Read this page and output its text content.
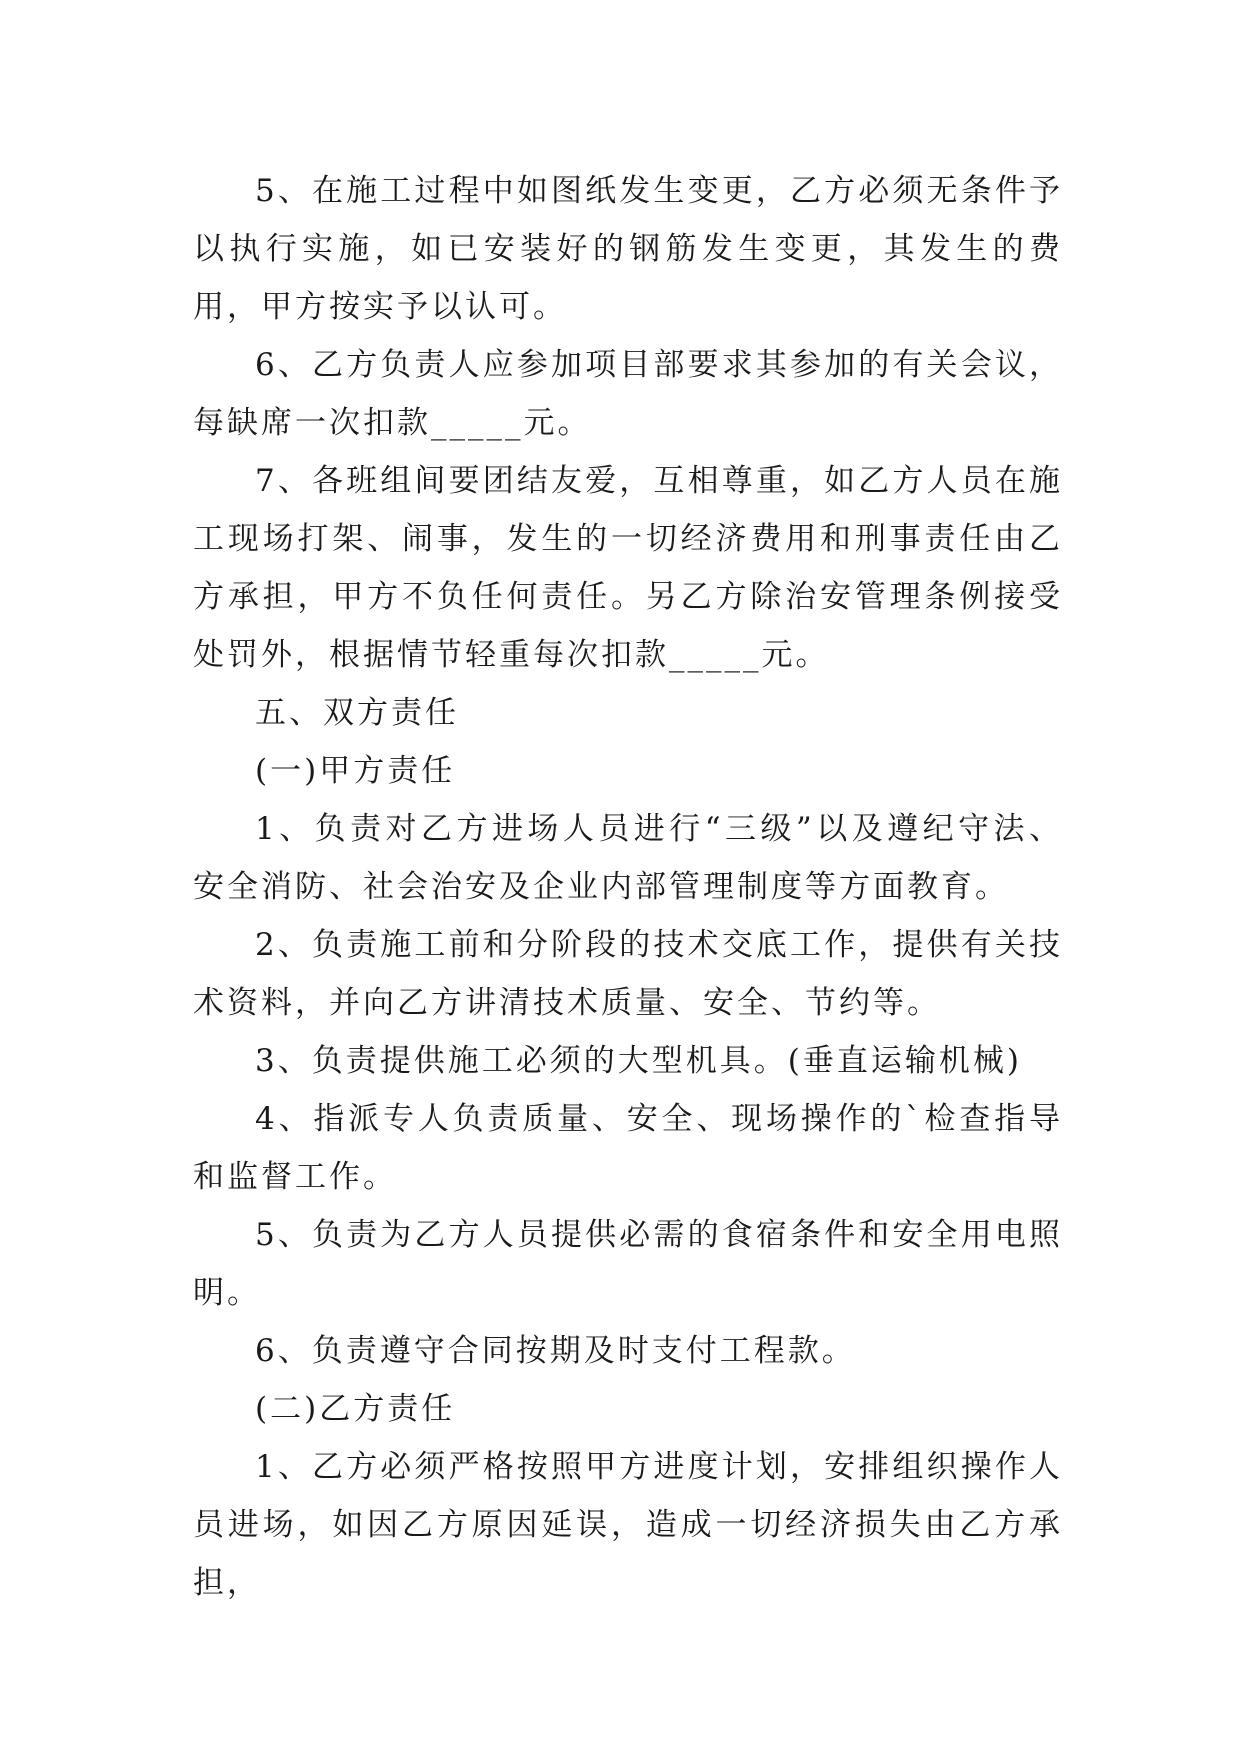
5、在施工过程中如图纸发生变更，乙方必须无条件予以执行实施，如已安装好的钢筋发生变更，其发生的费用，甲方按实予以认可。

6、乙方负责人应参加项目部要求其参加的有关会议，每缺席一次扣款_____元。

7、各班组间要团结友爱，互相尊重，如乙方人员在施工现场打架、闹事，发生的一切经济费用和刑事责任由乙方承担，甲方不负任何责任。另乙方除治安管理条例接受处罚外，根据情节轻重每次扣款_____元。

五、双方责任

(一)甲方责任

1、负责对乙方进场人员进行“三级”以及遵纪守法、安全消防、社会治安及企业内部管理制度等方面教育。

2、负责施工前和分阶段的技术交底工作，提供有关技术资料，并向乙方讲清技术质量、安全、节约等。

3、负责提供施工必须的大型机具。(垂直运输机械)

4、指派专人负责质量、安全、现场操作的`检查指导和监督工作。

5、负责为乙方人员提供必需的食宿条件和安全用电照明。

6、负责遵守合同按期及时支付工程款。

(二)乙方责任

1、乙方必须严格按照甲方进度计划，安排组织操作人员进场，如因乙方原因延误，造成一切经济损失由乙方承担，
